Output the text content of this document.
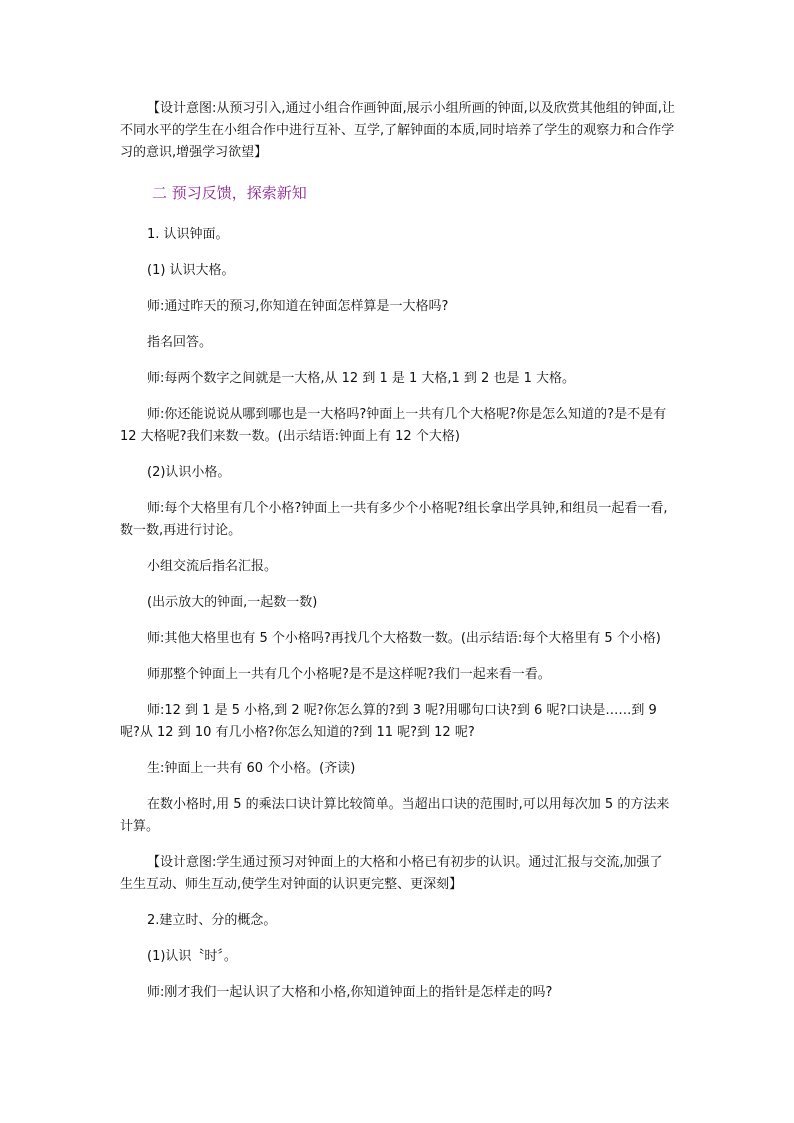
【设计意图:从预习引入,通过小组合作画钟面,展示小组所画的钟面,以及欣赏其他组的钟面,让不同水平的学生在小组合作中进行互补、互学,了解钟面的本质,同时培养了学生的观察力和合作学习的意识,增强学习欲望】

二 预习反馈，探索新知

1. 认识钟面。

(1) 认识大格。

师:通过昨天的预习,你知道在钟面怎样算是一大格吗?

指名回答。

师:每两个数字之间就是一大格,从 12 到 1 是 1 大格,1 到 2 也是 1 大格。

师:你还能说说从哪到哪也是一大格吗?钟面上一共有几个大格呢?你是怎么知道的?是不是有 12 大格呢?我们来数一数。(出示结语:钟面上有 12 个大格)

(2)认识小格。

师:每个大格里有几个小格?钟面上一共有多少个小格呢?组长拿出学具钟,和组员一起看一看,数一数,再进行讨论。

小组交流后指名汇报。

(出示放大的钟面,一起数一数)

师:其他大格里也有 5 个小格吗?再找几个大格数一数。(出示结语:每个大格里有 5 个小格)

师那整个钟面上一共有几个小格呢?是不是这样呢?我们一起来看一看。

师:12 到 1 是 5 小格,到 2 呢?你怎么算的?到 3 呢?用哪句口诀?到 6 呢?口诀是……到 9 呢?从 12 到 10 有几小格?你怎么知道的?到 11 呢?到 12 呢?

生:钟面上一共有 60 个小格。(齐读)

在数小格时,用 5 的乘法口诀计算比较简单。当超出口诀的范围时,可以用每次加 5 的方法来计算。

【设计意图:学生通过预习对钟面上的大格和小格已有初步的认识。通过汇报与交流,加强了生生互动、师生互动,使学生对钟面的认识更完整、更深刻】

2.建立时、分的概念。

(1)认识〝时〞。

师:刚才我们一起认识了大格和小格,你知道钟面上的指针是怎样走的吗?
